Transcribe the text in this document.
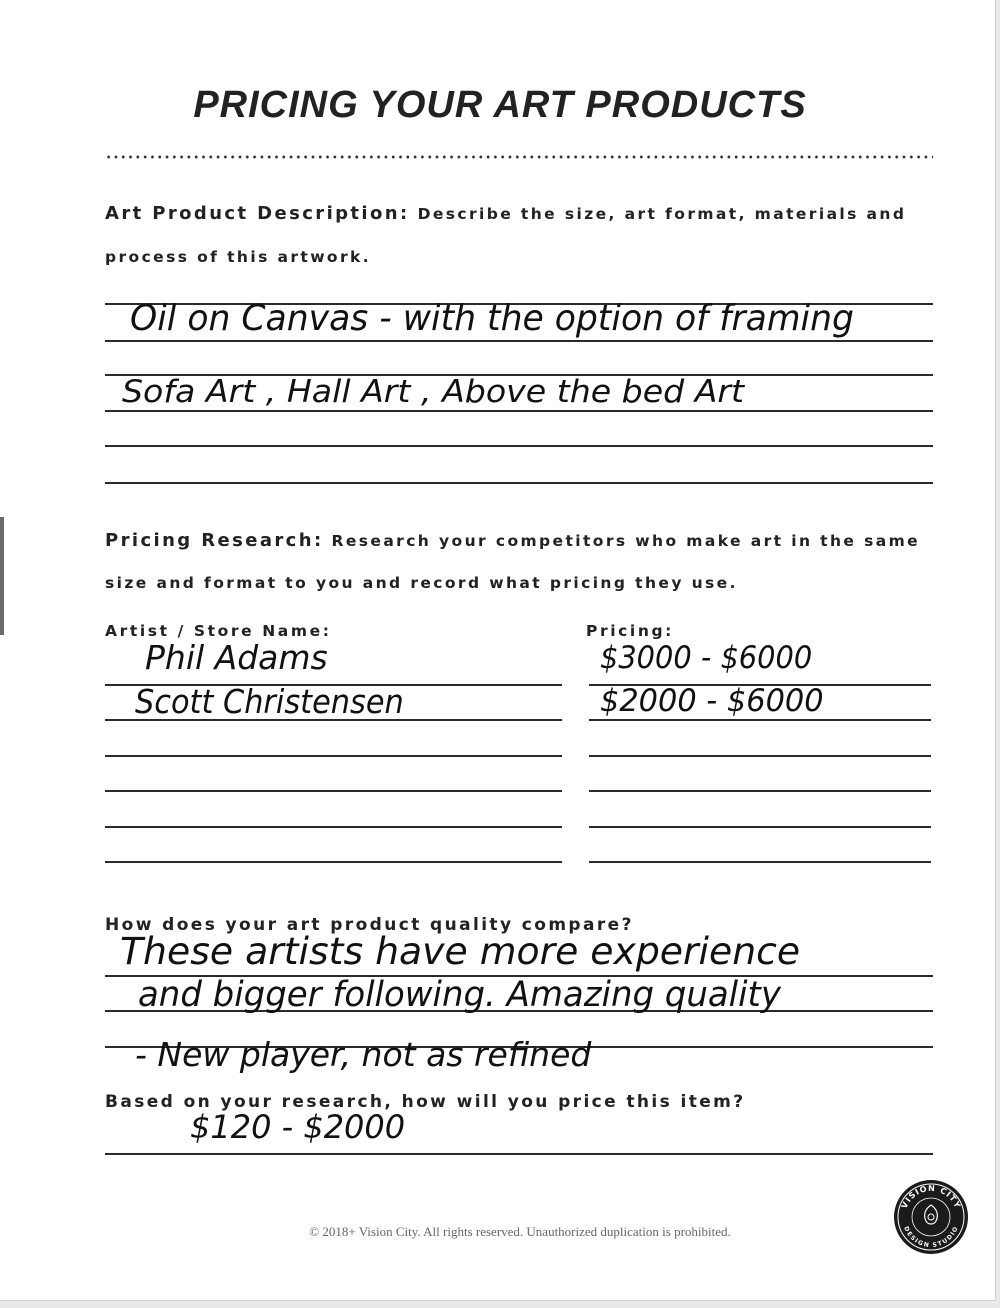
PRICING YOUR ART PRODUCTS
Art Product Description: Describe the size, art format, materials and
process of this artwork.
Oil on Canvas - with the option of framing
Sofa Art , Hall Art , Above the bed Art
Pricing Research: Research your competitors who make art in the same
size and format to you and record what pricing they use.
Artist / Store Name:	Pricing:
Phil Adams
Scott Christensen
$3000 - $6000
$2000 - $6000
How does your art product quality compare?
These artists have more experience
and bigger following. Amazing quality
- New player, not as refined
Based on your research, how will you price this item?
$120 - $2000
© 2018+ Vision City. All rights reserved. Unauthorized duplication is prohibited.
VISION CITY
DESIGN STUDIO
